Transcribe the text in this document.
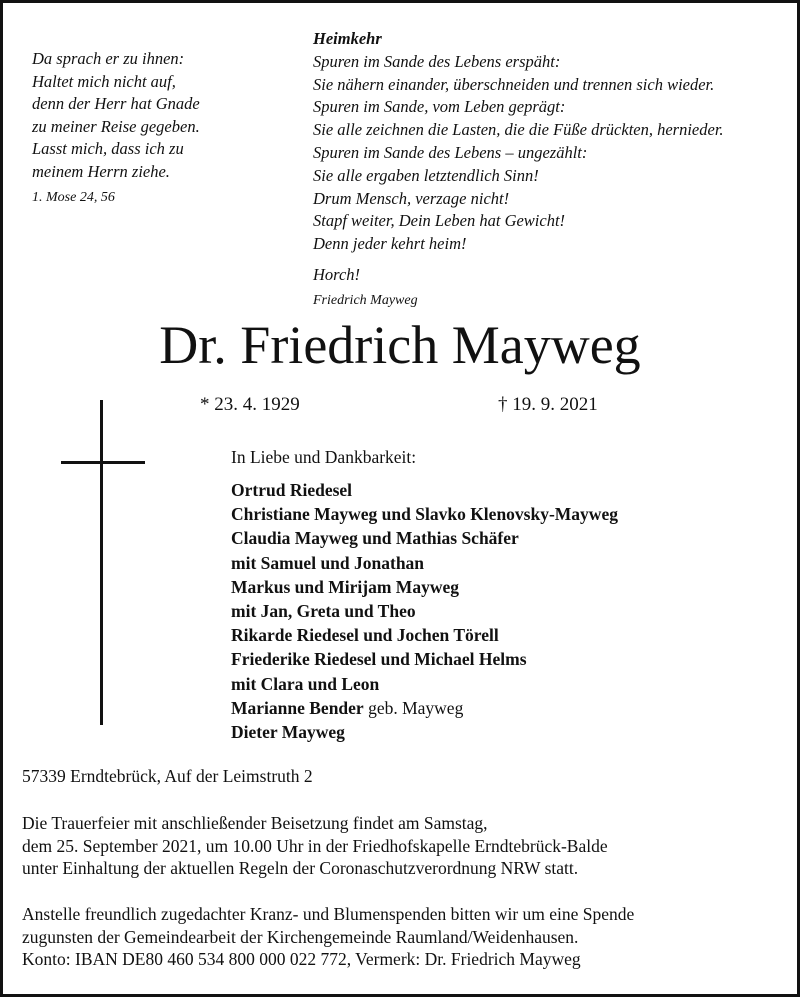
Da sprach er zu ihnen:
Haltet mich nicht auf,
denn der Herr hat Gnade
zu meiner Reise gegeben.
Lasst mich, dass ich zu
meinem Herrn ziehe.
1. Mose 24, 56
Heimkehr
Spuren im Sande des Lebens erspäht:
Sie nähern einander, überschneiden und trennen sich wieder.
Spuren im Sande, vom Leben geprägt:
Sie alle zeichnen die Lasten, die die Füße drückten, hernieder.
Spuren im Sande des Lebens – ungezählt:
Sie alle ergaben letztendlich Sinn!
Drum Mensch, verzage nicht!
Stapf weiter, Dein Leben hat Gewicht!
Denn jeder kehrt heim!
Horch!
Friedrich Mayweg
Dr. Friedrich Mayweg
* 23. 4. 1929	† 19. 9. 2021
In Liebe und Dankbarkeit:
Ortrud Riedesel
Christiane Mayweg und Slavko Klenovsky-Mayweg
Claudia Mayweg und Mathias Schäfer
mit Samuel und Jonathan
Markus und Mirijam Mayweg
mit Jan, Greta und Theo
Rikarde Riedesel und Jochen Törell
Friederike Riedesel und Michael Helms
mit Clara und Leon
Marianne Bender geb. Mayweg
Dieter Mayweg
57339 Erndtebrück, Auf der Leimstruth 2
Die Trauerfeier mit anschließender Beisetzung findet am Samstag,
dem 25. September 2021, um 10.00 Uhr in der Friedhofskapelle Erndtebrück-Balde
unter Einhaltung der aktuellen Regeln der Coronaschutzverordnung NRW statt.
Anstelle freundlich zugedachter Kranz- und Blumenspenden bitten wir um eine Spende
zugunsten der Gemeindearbeit der Kirchengemeinde Raumland/Weidenhausen.
Konto: IBAN DE80 460 534 800 000 022 772, Vermerk: Dr. Friedrich Mayweg
